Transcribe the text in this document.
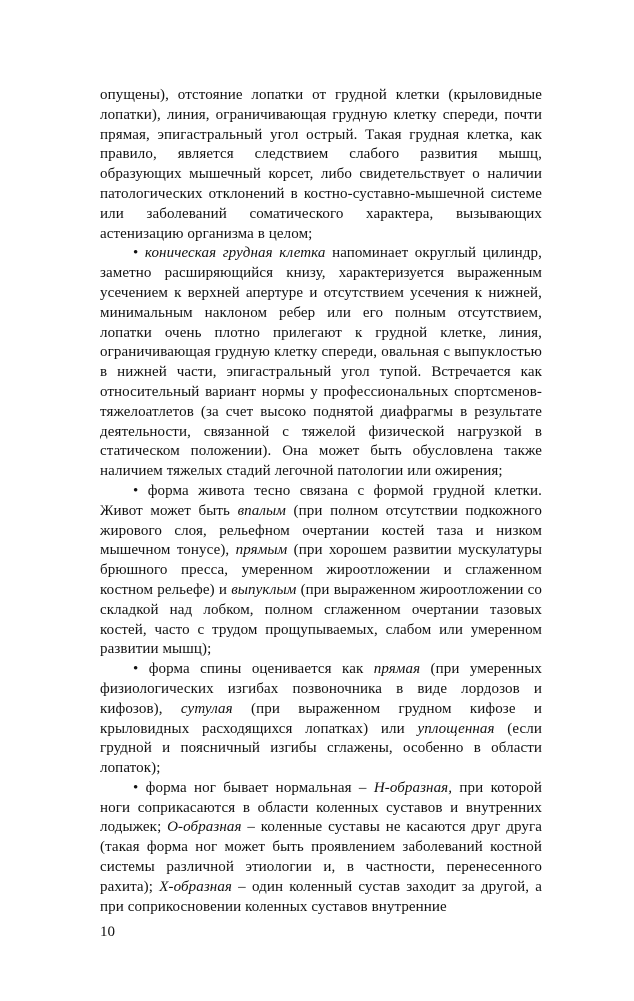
опущены), отстояние лопатки от грудной клетки (крыловидные лопатки), линия, ограничивающая грудную клетку спереди, почти прямая, эпигастральный угол острый. Такая грудная клетка, как правило, является следствием слабого развития мышц, образующих мышечный корсет, либо свидетельствует о наличии патологических отклонений в костно-суставно-мышечной системе или заболеваний соматического характера, вызывающих астенизацию организма в целом;

• коническая грудная клетка напоминает округлый цилиндр, заметно расширяющийся книзу, характеризуется выраженным усечением к верхней апертуре и отсутствием усечения к нижней, минимальным наклоном ребер или его полным отсутствием, лопатки очень плотно прилегают к грудной клетке, линия, ограничивающая грудную клетку спереди, овальная с выпуклостью в нижней части, эпигастральный угол тупой. Встречается как относительный вариант нормы у профессиональных спортсменов-тяжелоатлетов (за счет высоко поднятой диафрагмы в результате деятельности, связанной с тяжелой физической нагрузкой в статическом положении). Она может быть обусловлена также наличием тяжелых стадий легочной патологии или ожирения;

• форма живота тесно связана с формой грудной клетки. Живот может быть впалым (при полном отсутствии подкожного жирового слоя, рельефном очертании костей таза и низком мышечном тонусе), прямым (при хорошем развитии мускулатуры брюшного пресса, умеренном жироотложении и сглаженном костном рельефе) и выпуклым (при выраженном жироотложении со складкой над лобком, полном сглаженном очертании тазовых костей, часто с трудом прощупываемых, слабом или умеренном развитии мышц);

• форма спины оценивается как прямая (при умеренных физиологических изгибах позвоночника в виде лордозов и кифозов), сутулая (при выраженном грудном кифозе и крыловидных расходящихся лопатках) или уплощенная (если грудной и поясничный изгибы сглажены, особенно в области лопаток);

• форма ног бывает нормальная – Н-образная, при которой ноги соприкасаются в области коленных суставов и внутренних лодыжек; О-образная – коленные суставы не касаются друг друга (такая форма ног может быть проявлением заболеваний костной системы различной этиологии и, в частности, перенесенного рахита); Х-образная – один коленный сустав заходит за другой, а при соприкосновении коленных суставов внутренние

10
